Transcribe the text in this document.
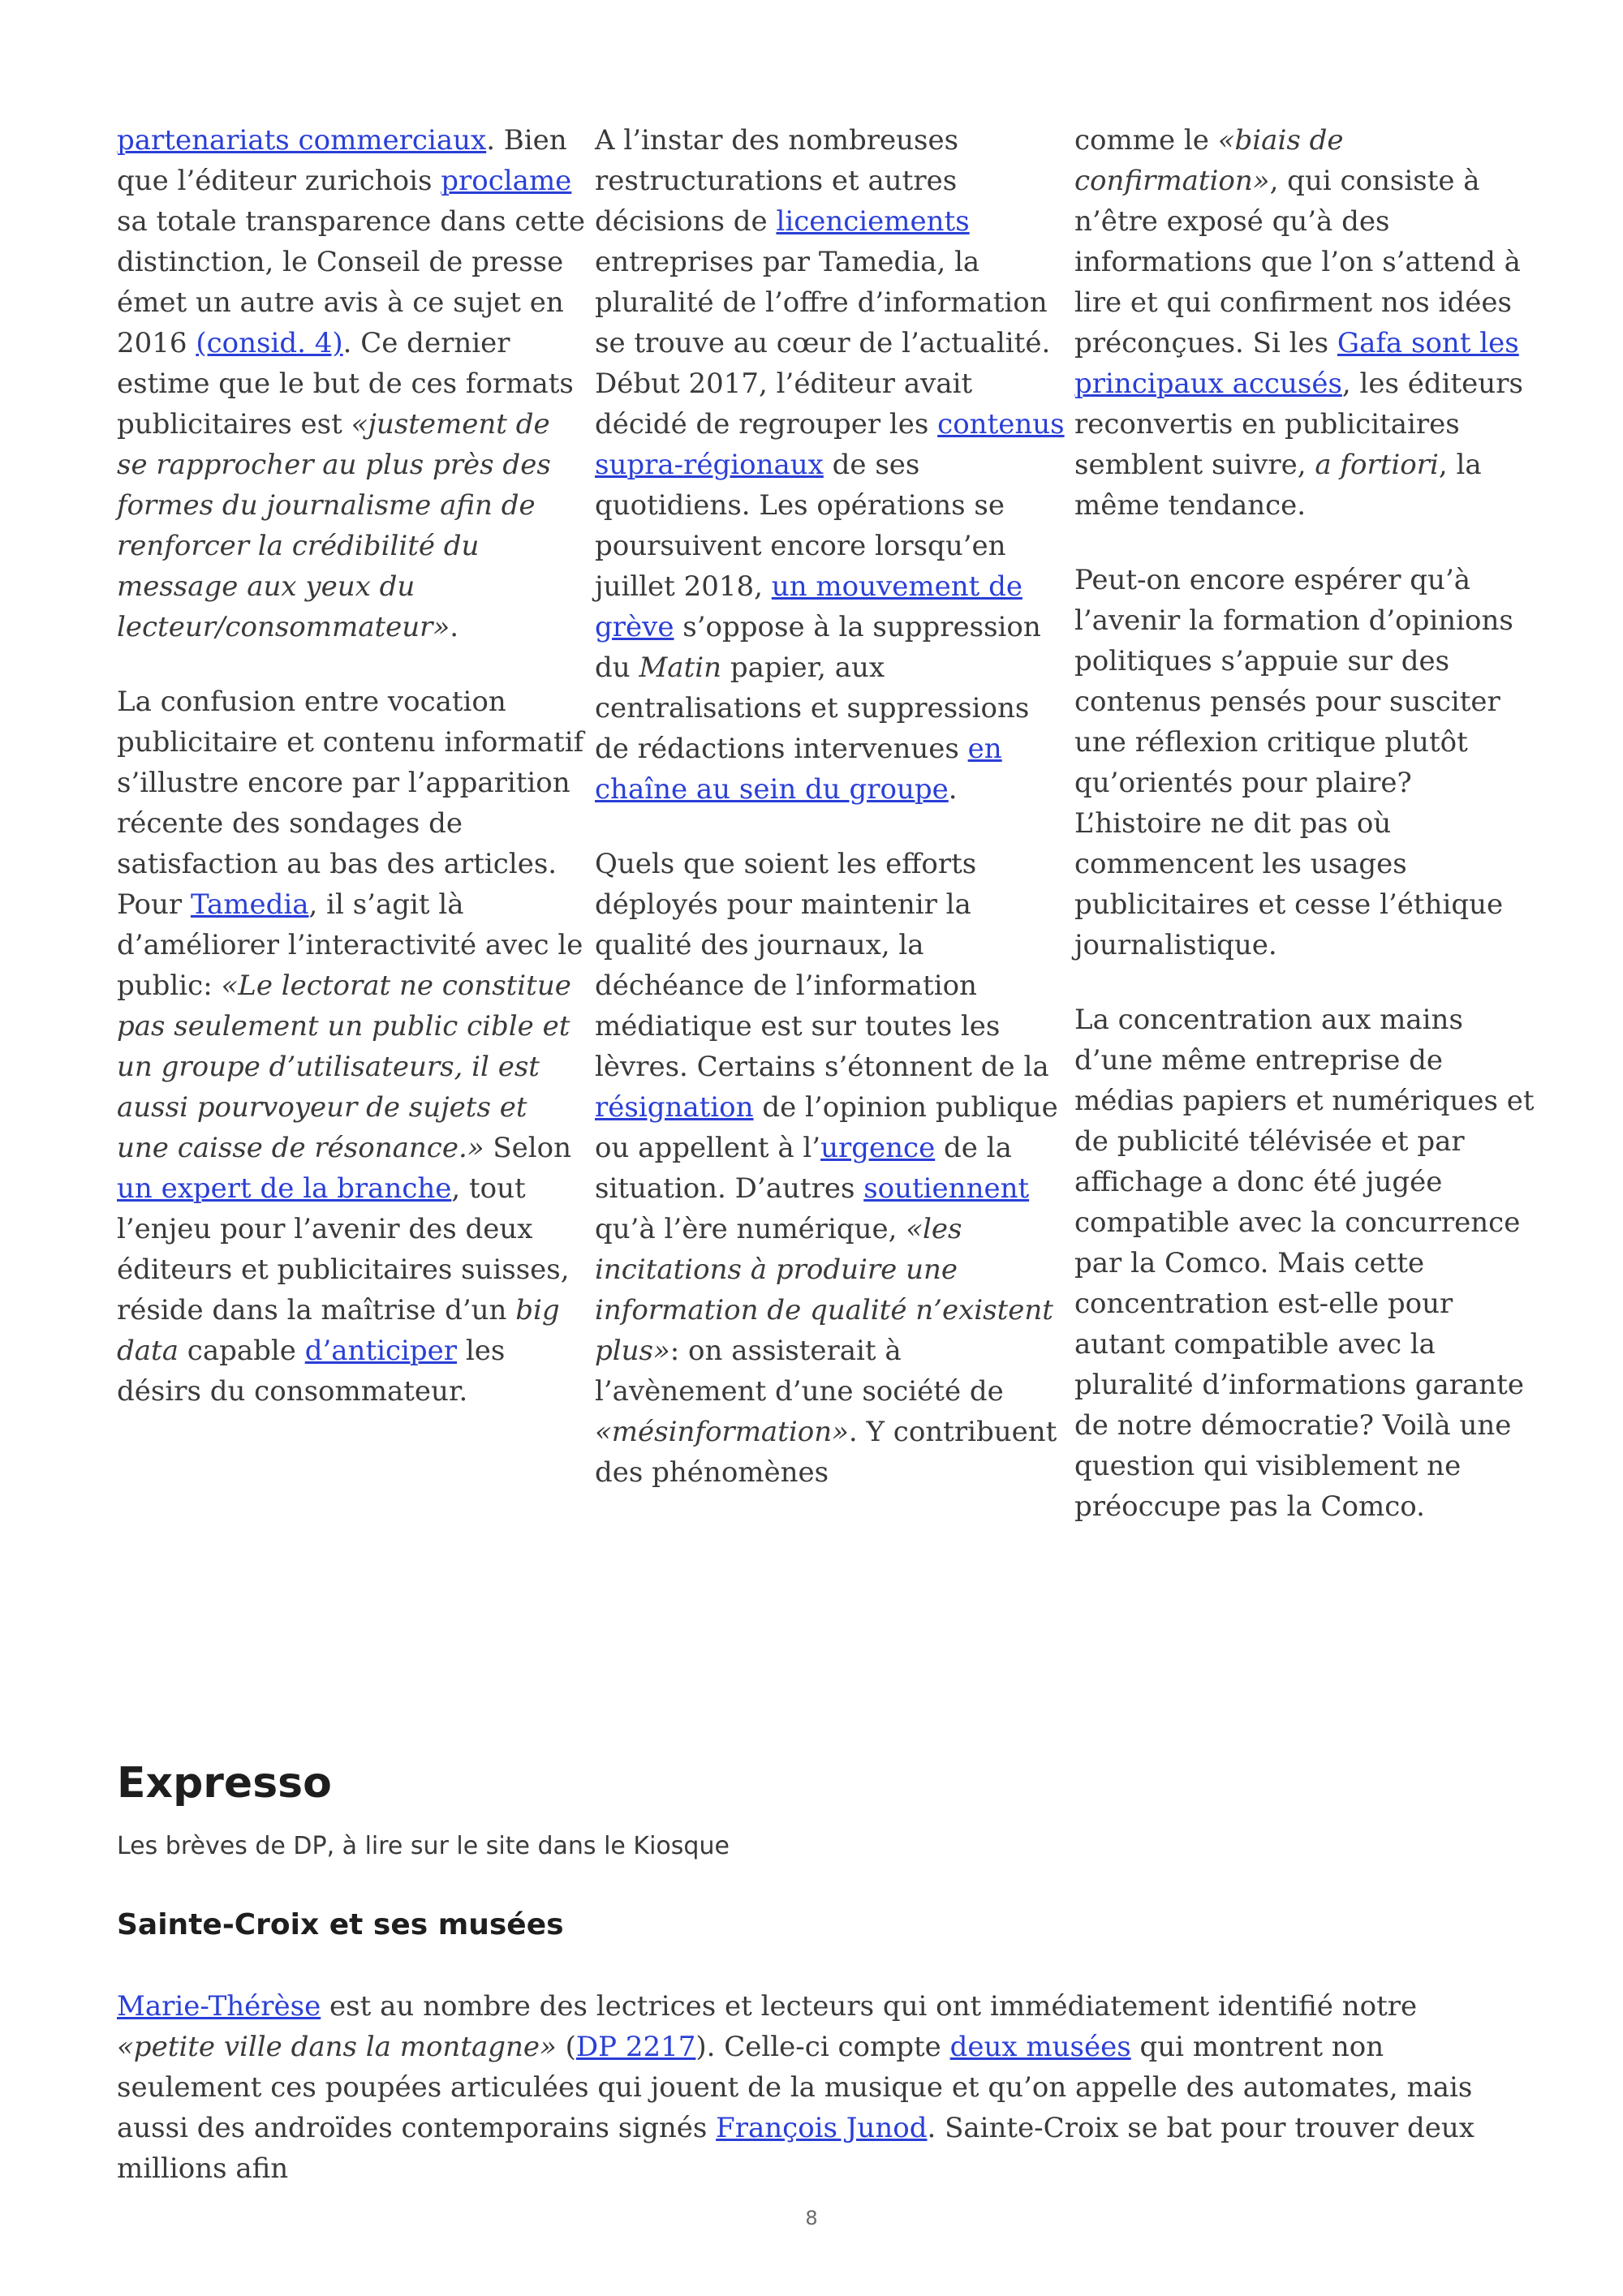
partenariats commerciaux. Bien que l’éditeur zurichois proclame sa totale transparence dans cette distinction, le Conseil de presse émet un autre avis à ce sujet en 2016 (consid. 4). Ce dernier estime que le but de ces formats publicitaires est «justement de se rapprocher au plus près des formes du journalisme afin de renforcer la crédibilité du message aux yeux du lecteur/consommateur».

La confusion entre vocation publicitaire et contenu informatif s’illustre encore par l’apparition récente des sondages de satisfaction au bas des articles. Pour Tamedia, il s’agit là d’améliorer l’interactivité avec le public: «Le lectorat ne constitue pas seulement un public cible et un groupe d’utilisateurs, il est aussi pourvoyeur de sujets et une caisse de résonance.» Selon un expert de la branche, tout l’enjeu pour l’avenir des deux éditeurs et publicitaires suisses, réside dans la maîtrise d’un big data capable d’anticiper les désirs du consommateur.

A l’instar des nombreuses restructurations et autres décisions de licenciements entreprises par Tamedia, la pluralité de l’offre d’information se trouve au cœur de l’actualité. Début 2017, l’éditeur avait décidé de regrouper les contenus supra-régionaux de ses quotidiens. Les opérations se poursuivent encore lorsqu’en juillet 2018, un mouvement de grève s’oppose à la suppression du Matin papier, aux centralisations et suppressions de rédactions intervenues en chaîne au sein du groupe.

Quels que soient les efforts déployés pour maintenir la qualité des journaux, la déchéance de l’information médiatique est sur toutes les lèvres. Certains s’étonnent de la résignation de l’opinion publique ou appellent à l’urgence de la situation. D’autres soutiennent qu’à l’ère numérique, «les incitations à produire une information de qualité n’existent plus»: on assisterait à l’avènement d’une société de «mésinformation». Y contribuent des phénomènes

comme le «biais de confirmation», qui consiste à n’être exposé qu’à des informations que l’on s’attend à lire et qui confirment nos idées préconçues. Si les Gafa sont les principaux accusés, les éditeurs reconvertis en publicitaires semblent suivre, a fortiori, la même tendance.

Peut-on encore espérer qu’à l’avenir la formation d’opinions politiques s’appuie sur des contenus pensés pour susciter une réflexion critique plutôt qu’orientés pour plaire? L’histoire ne dit pas où commencent les usages publicitaires et cesse l’éthique journalistique.

La concentration aux mains d’une même entreprise de médias papiers et numériques et de publicité télévisée et par affichage a donc été jugée compatible avec la concurrence par la Comco. Mais cette concentration est-elle pour autant compatible avec la pluralité d’informations garante de notre démocratie? Voilà une question qui visiblement ne préoccupe pas la Comco.

Expresso

Les brèves de DP, à lire sur le site dans le Kiosque

Sainte-Croix et ses musées

Marie-Thérèse est au nombre des lectrices et lecteurs qui ont immédiatement identifié notre «petite ville dans la montagne» (DP 2217). Celle-ci compte deux musées qui montrent non seulement ces poupées articulées qui jouent de la musique et qu’on appelle des automates, mais aussi des androïdes contemporains signés François Junod. Sainte-Croix se bat pour trouver deux millions afin

8
